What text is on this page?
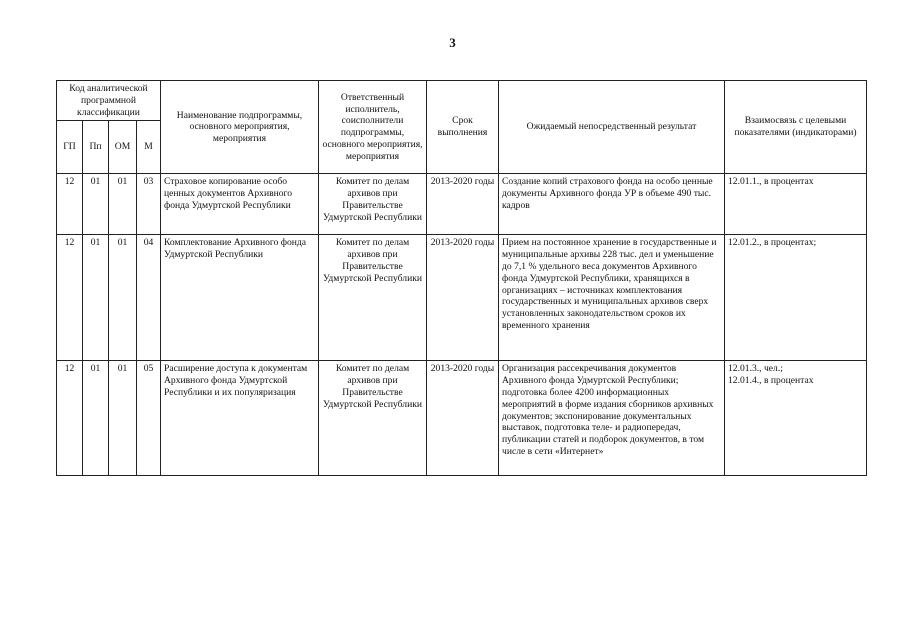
3
Код аналитической программной классификации				Наименование подпрограммы, основного мероприятия, мероприятия	Ответственный исполнитель, соисполнители подпрограммы, основного мероприятия, мероприятия	Срок выполнения	Ожидаемый непосредственный результат	Взаимосвязь с целевыми показателями (индикаторами)
ГП	Пп	ОМ	М					
12	01	01	03	Страховое копирование особо ценных документов Архивного фонда Удмуртской Республики	Комитет по делам архивов при Правительстве Удмуртской Республики	2013-2020 годы	Создание копий страхового фонда на особо ценные документы Архивного фонда УР в объеме 490 тыс. кадров	12.01.1., в процентах

12	01	01	04	Комплектование Архивного фонда Удмуртской Республики	Комитет по делам архивов при Правительстве Удмуртской Республики	2013-2020 годы	Прием на постоянное хранение в государственные и муниципальные архивы 228 тыс. дел и уменьшение до 7,1 % удельного веса документов Архивного фонда Удмуртской Республики, хранящихся в организациях – источниках комплектования государственных и муниципальных архивов сверх установленных законодательством сроков их временного хранения	12.01.2., в процентах;

12	01	01	05	Расширение доступа к документам Архивного фонда Удмуртской Республики и их популяризация	Комитет по делам архивов при Правительстве Удмуртской Республики	2013-2020 годы	Организация рассекречивания документов Архивного фонда Удмуртской Республики; подготовка более 4200 информационных мероприятий в форме издания сборников архивных документов; экспонирование документальных выставок, подготовка теле- и радиопередач, публикации статей и подборок документов, в том числе в сети «Интернет»	12.01.3., чел.;
12.01.4., в процентах
